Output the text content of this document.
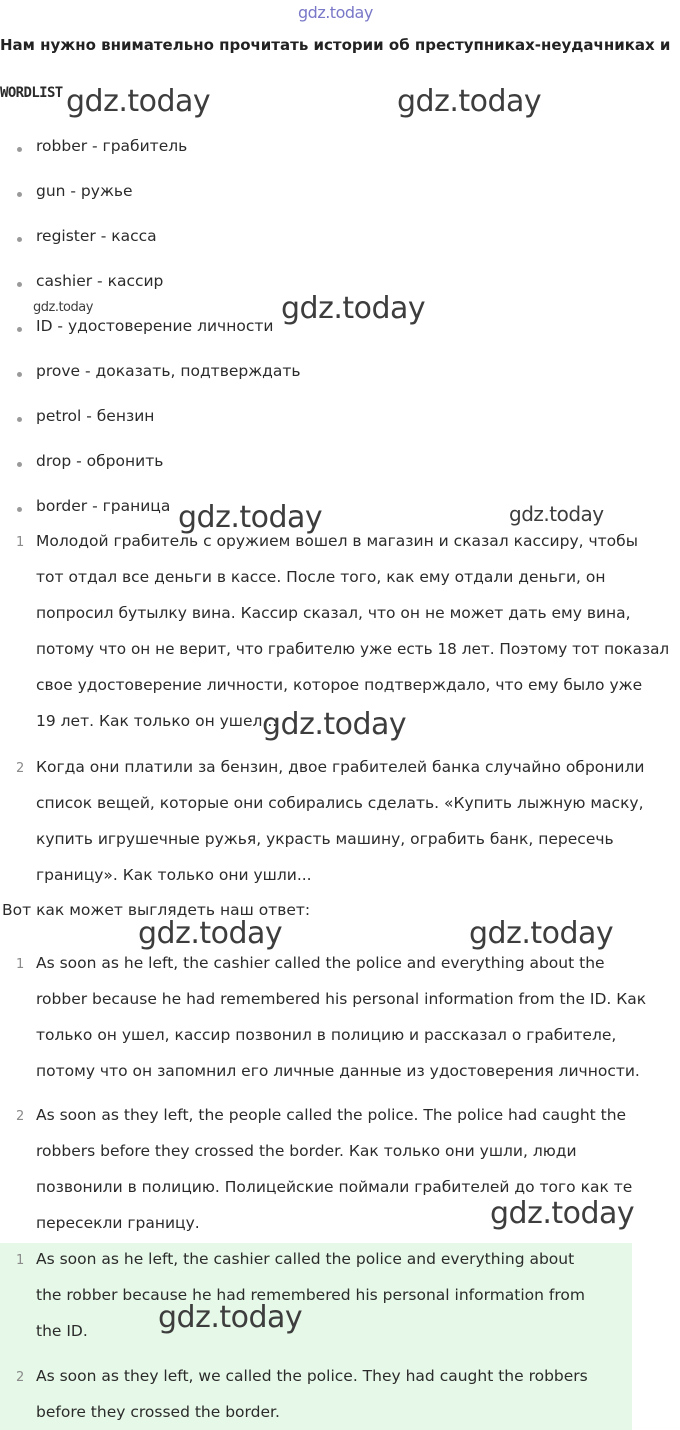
gdz.today
Нам нужно внимательно прочитать истории об преступниках-неудачниках и
WORDLIST
robber - грабитель
gun - ружье
register - касса
cashier - кассир
ID - удостоверение личности
prove - доказать, подтверждать
petrol - бензин
drop - обронить
border - граница
1 Молодой грабитель с оружием вошел в магазин и сказал кассиру, чтобы
тот отдал все деньги в кассе. После того, как ему отдали деньги, он
попросил бутылку вина. Кассир сказал, что он не может дать ему вина,
потому что он не верит, что грабителю уже есть 18 лет. Поэтому тот показал
свое удостоверение личности, которое подтверждало, что ему было уже
19 лет. Как только он ушел...
2 Когда они платили за бензин, двое грабителей банка случайно обронили
список вещей, которые они собирались сделать. «Купить лыжную маску,
купить игрушечные ружья, украсть машину, ограбить банк, пересечь
границу». Как только они ушли...
Вот как может выглядеть наш ответ:
1 As soon as he left, the cashier called the police and everything about the
robber because he had remembered his personal information from the ID. Как
только он ушел, кассир позвонил в полицию и рассказал о грабителе,
потому что он запомнил его личные данные из удостоверения личности.
2 As soon as they left, the people called the police. The police had caught the
robbers before they crossed the border. Как только они ушли, люди
позвонили в полицию. Полицейские поймали грабителей до того как те
пересекли границу.
1 As soon as he left, the cashier called the police and everything about
the robber because he had remembered his personal information from
the ID.
2 As soon as they left, we called the police. They had caught the robbers
before they crossed the border.
gdz.today	gdz.today
gdz.today	gdz.today
gdz.today	gdz.today
gdz.today
gdz.today	gdz.today
gdz.today
gdz.today
